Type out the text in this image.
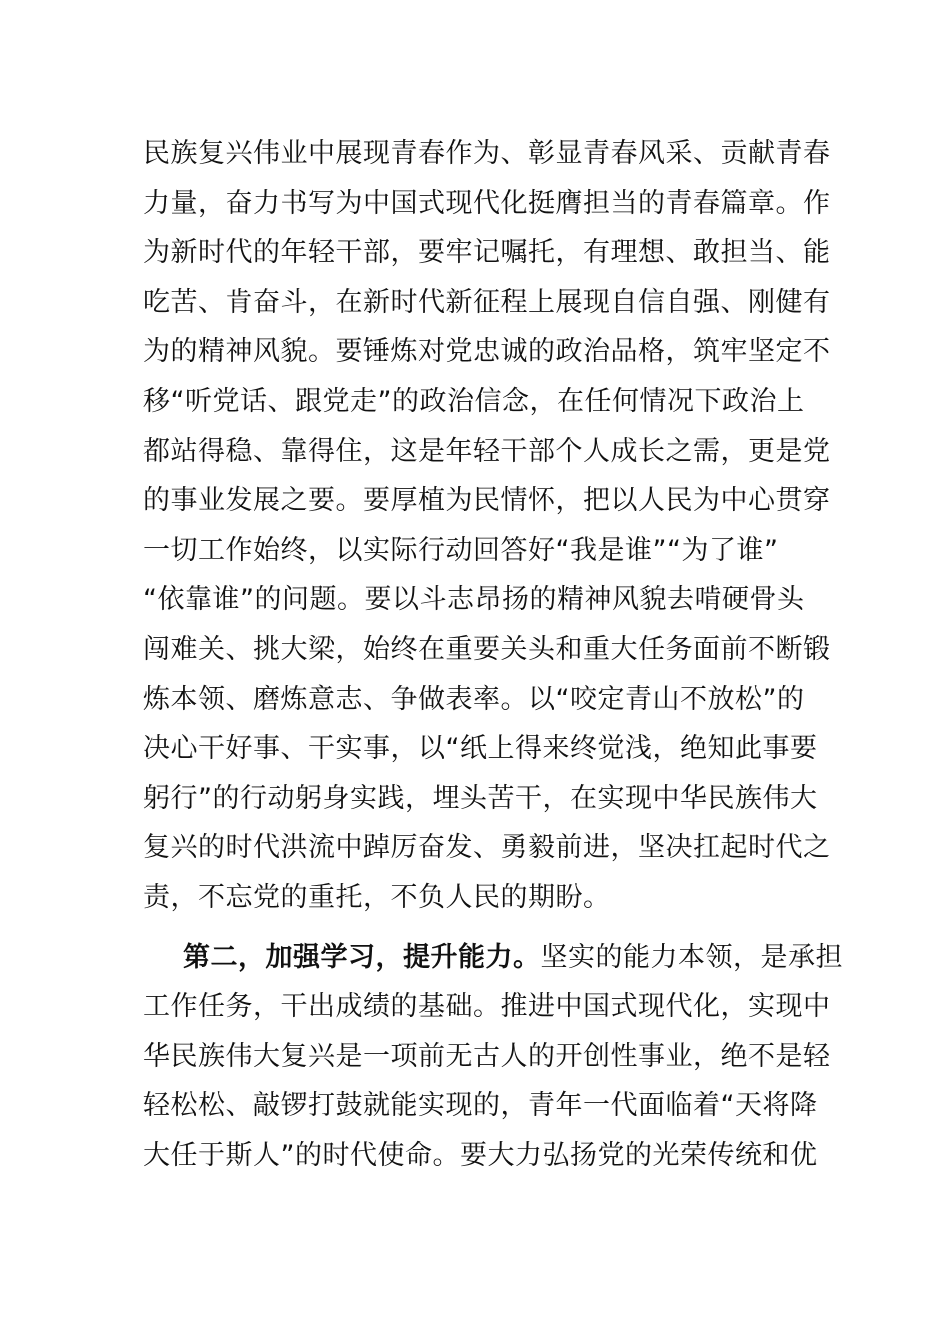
民族复兴伟业中展现青春作为、彰显青春风采、贡献青春
力量，奋力书写为中国式现代化挺膺担当的青春篇章。作
为新时代的年轻干部，要牢记嘱托，有理想、敢担当、能
吃苦、肯奋斗，在新时代新征程上展现自信自强、刚健有
为的精神风貌。要锤炼对党忠诚的政治品格，筑牢坚定不
移“听党话、跟党走”的政治信念，在任何情况下政治上
都站得稳、靠得住，这是年轻干部个人成长之需，更是党
的事业发展之要。要厚植为民情怀，把以人民为中心贯穿
一切工作始终，以实际行动回答好“我是谁”“为了谁”
“依靠谁”的问题。要以斗志昂扬的精神风貌去啃硬骨头
闯难关、挑大梁，始终在重要关头和重大任务面前不断锻
炼本领、磨炼意志、争做表率。以“咬定青山不放松”的
决心干好事、干实事，以“纸上得来终觉浅，绝知此事要
躬行”的行动躬身实践，埋头苦干，在实现中华民族伟大
复兴的时代洪流中踔厉奋发、勇毅前进，坚决扛起时代之
责，不忘党的重托，不负人民的期盼。
第二，加强学习，提升能力。坚实的能力本领，是承担
工作任务，干出成绩的基础。推进中国式现代化，实现中
华民族伟大复兴是一项前无古人的开创性事业，绝不是轻
轻松松、敲锣打鼓就能实现的，青年一代面临着“天将降
大任于斯人”的时代使命。要大力弘扬党的光荣传统和优
